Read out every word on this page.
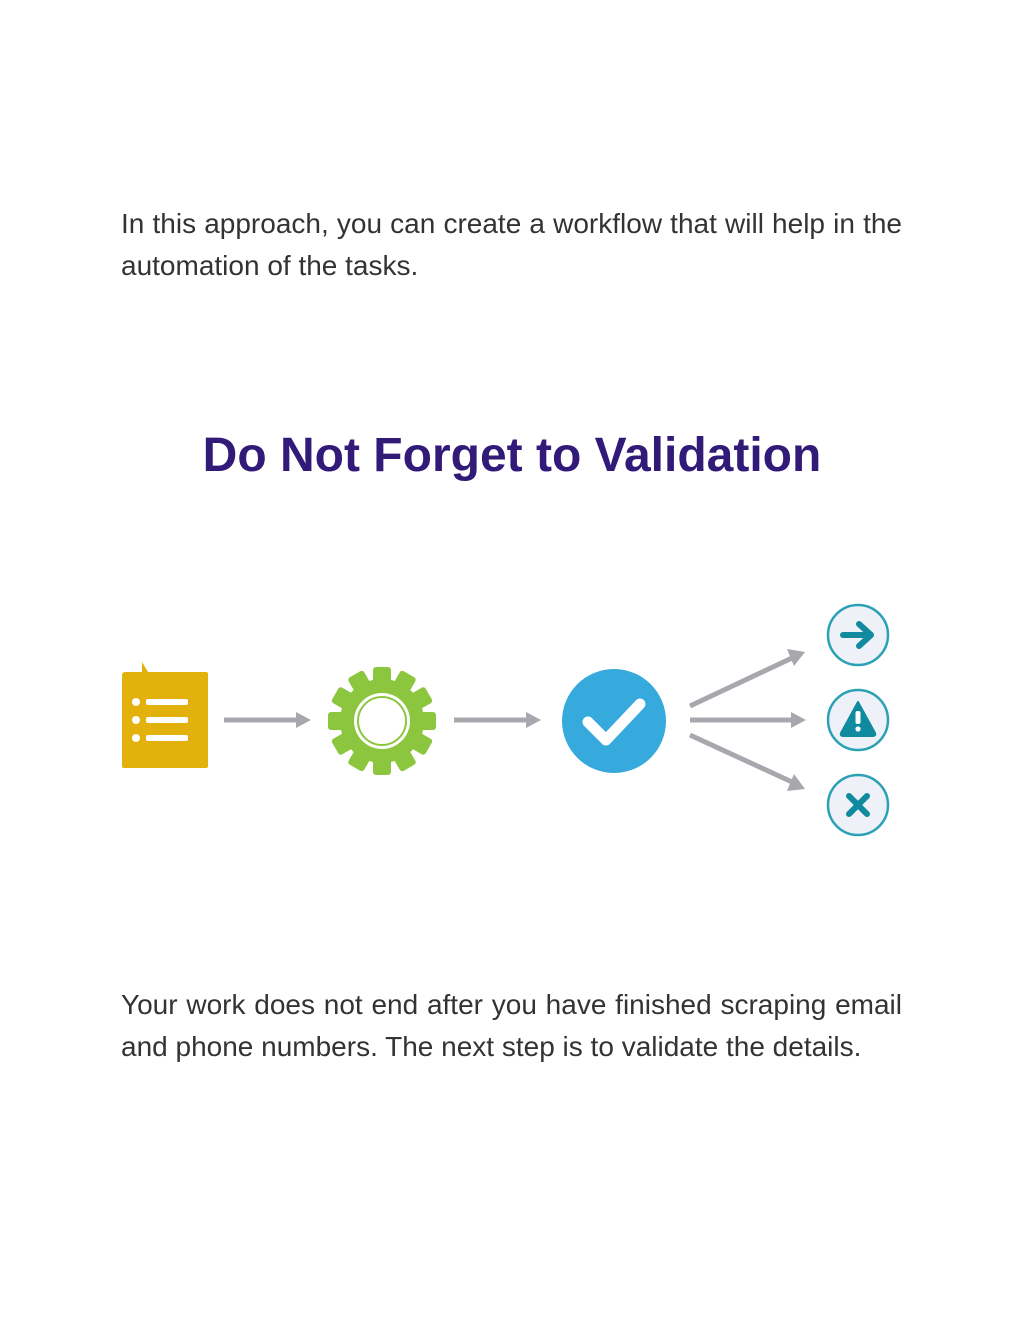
In this approach, you can create a workflow that will help in the automation of the tasks.

Do Not Forget to Validation

Your work does not end after you have finished scraping email and phone numbers. The next step is to validate the details.
